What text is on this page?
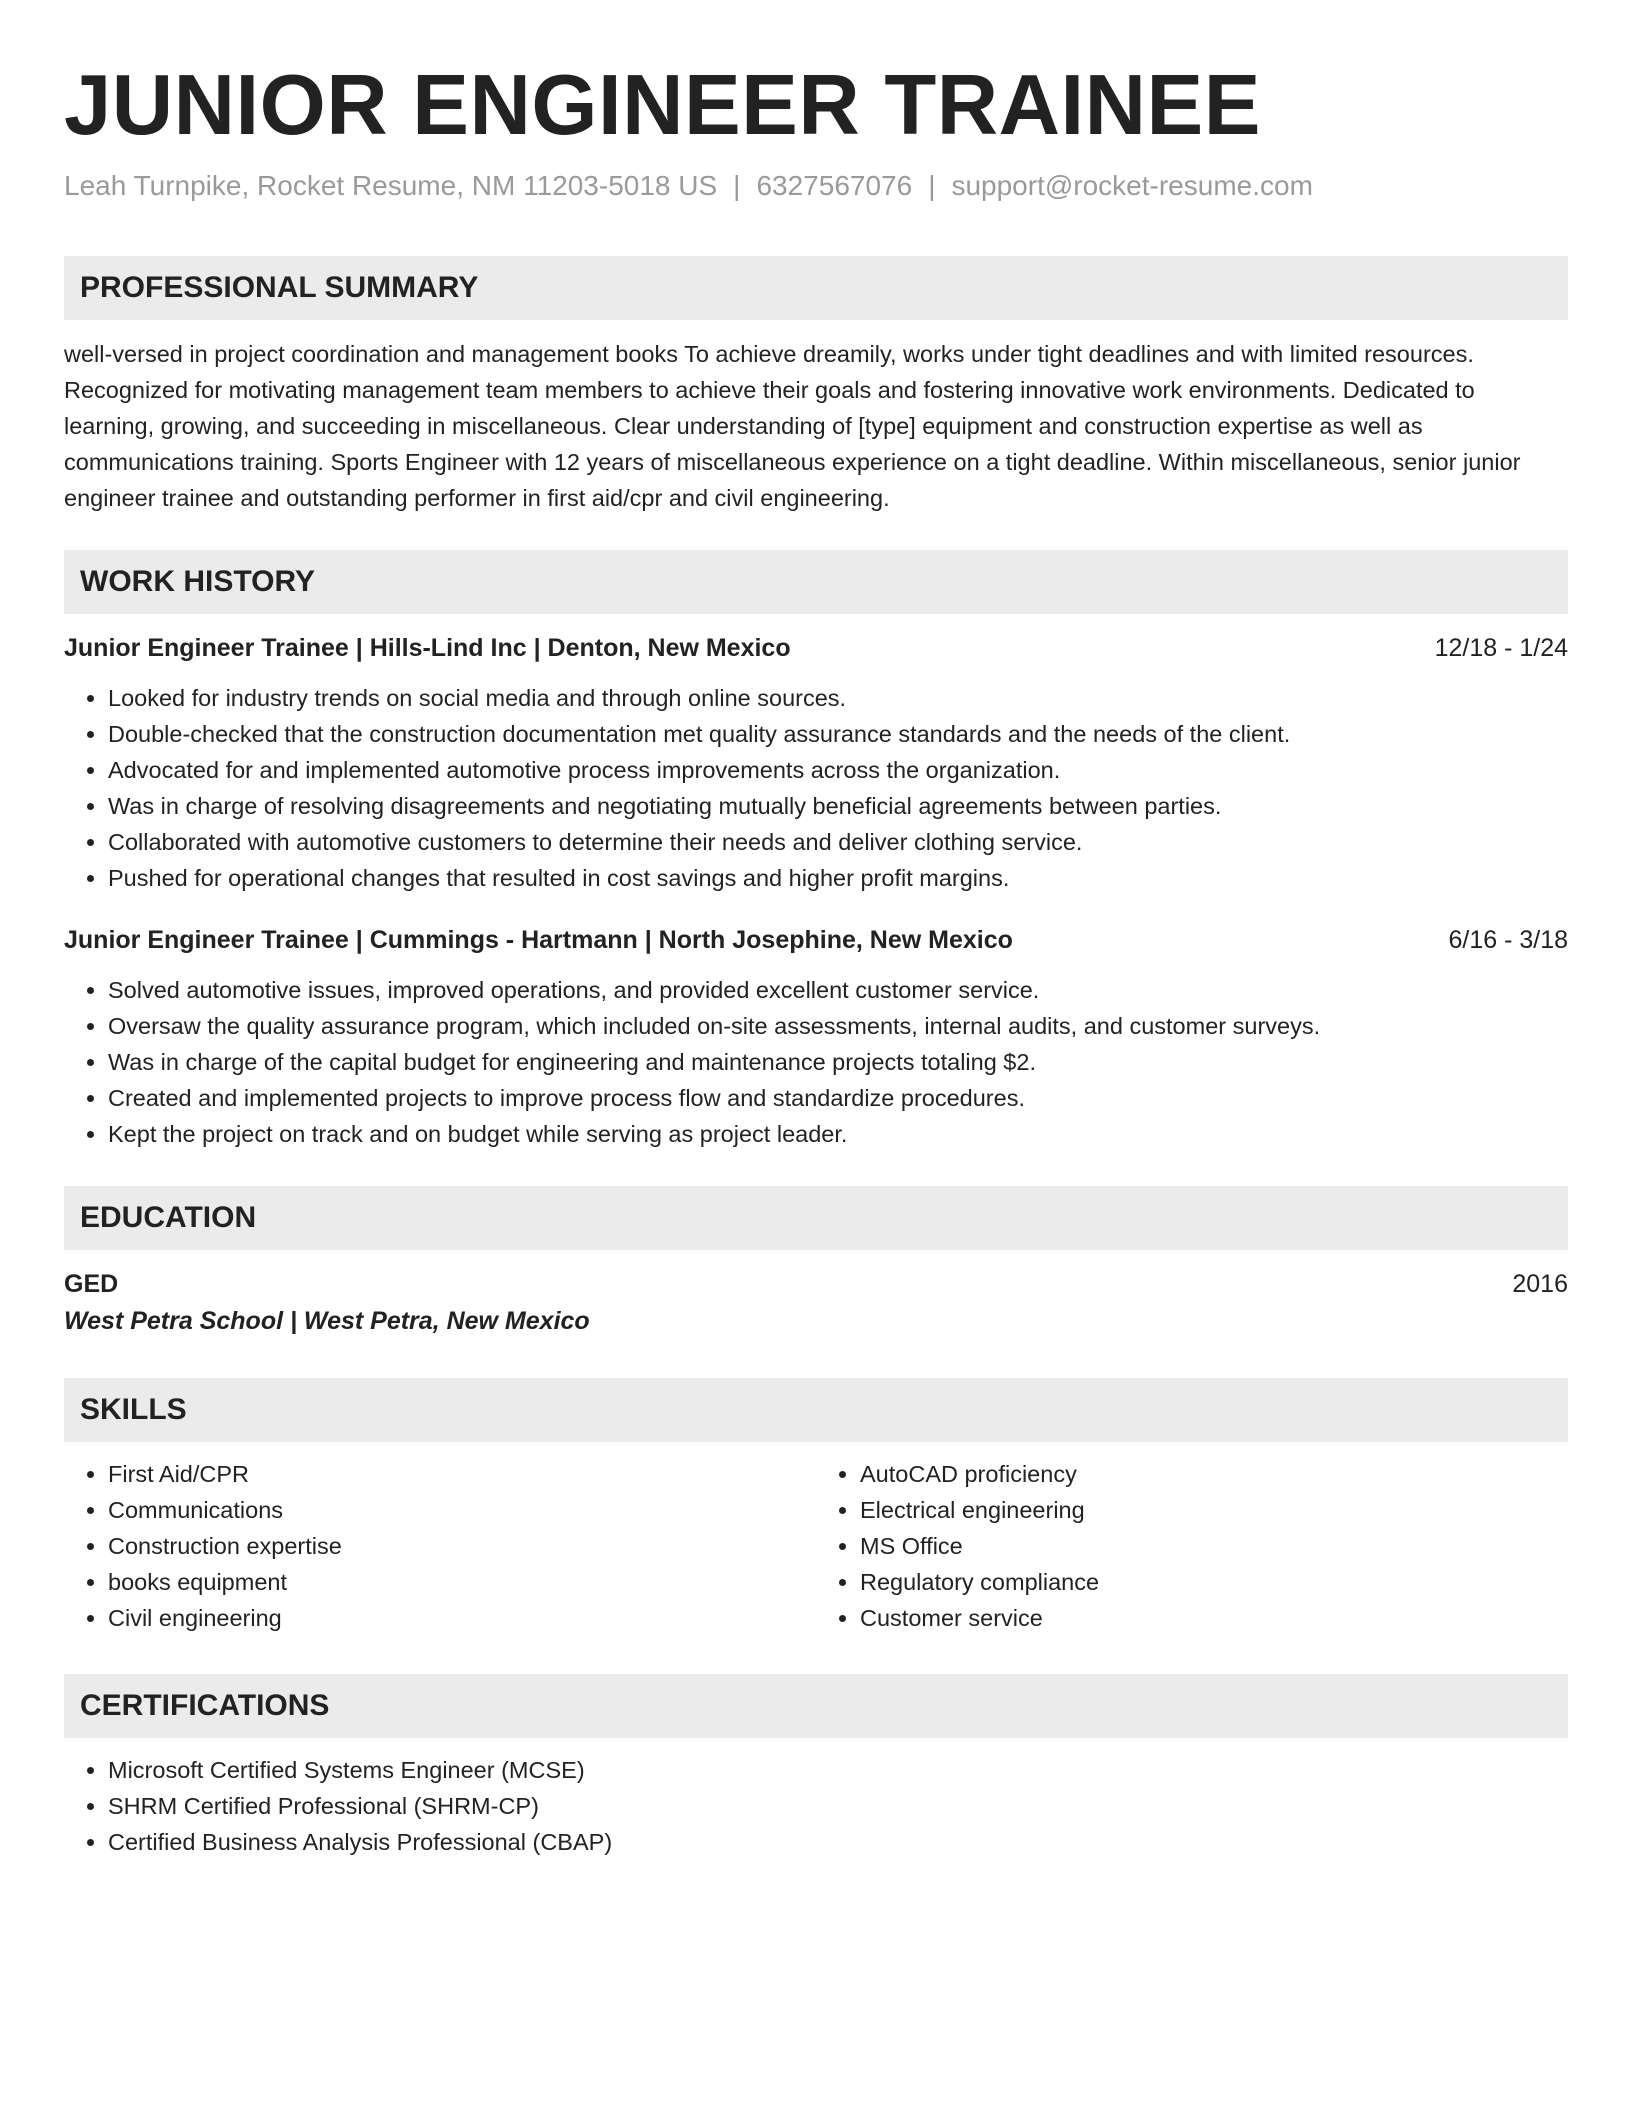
JUNIOR ENGINEER TRAINEE
Leah Turnpike, Rocket Resume, NM 11203-5018 US | 6327567076 | support@rocket-resume.com
PROFESSIONAL SUMMARY
well-versed in project coordination and management books To achieve dreamily, works under tight deadlines and with limited resources. Recognized for motivating management team members to achieve their goals and fostering innovative work environments. Dedicated to learning, growing, and succeeding in miscellaneous. Clear understanding of [type] equipment and construction expertise as well as communications training. Sports Engineer with 12 years of miscellaneous experience on a tight deadline. Within miscellaneous, senior junior engineer trainee and outstanding performer in first aid/cpr and civil engineering.
WORK HISTORY
Junior Engineer Trainee | Hills-Lind Inc | Denton, New Mexico	12/18 - 1/24
• Looked for industry trends on social media and through online sources.
• Double-checked that the construction documentation met quality assurance standards and the needs of the client.
• Advocated for and implemented automotive process improvements across the organization.
• Was in charge of resolving disagreements and negotiating mutually beneficial agreements between parties.
• Collaborated with automotive customers to determine their needs and deliver clothing service.
• Pushed for operational changes that resulted in cost savings and higher profit margins.
Junior Engineer Trainee | Cummings - Hartmann | North Josephine, New Mexico	6/16 - 3/18
• Solved automotive issues, improved operations, and provided excellent customer service.
• Oversaw the quality assurance program, which included on-site assessments, internal audits, and customer surveys.
• Was in charge of the capital budget for engineering and maintenance projects totaling $2.
• Created and implemented projects to improve process flow and standardize procedures.
• Kept the project on track and on budget while serving as project leader.
EDUCATION
GED	2016
West Petra School | West Petra, New Mexico
SKILLS
• First Aid/CPR
• Communications
• Construction expertise
• books equipment
• Civil engineering
• AutoCAD proficiency
• Electrical engineering
• MS Office
• Regulatory compliance
• Customer service
CERTIFICATIONS
• Microsoft Certified Systems Engineer (MCSE)
• SHRM Certified Professional (SHRM-CP)
• Certified Business Analysis Professional (CBAP)
